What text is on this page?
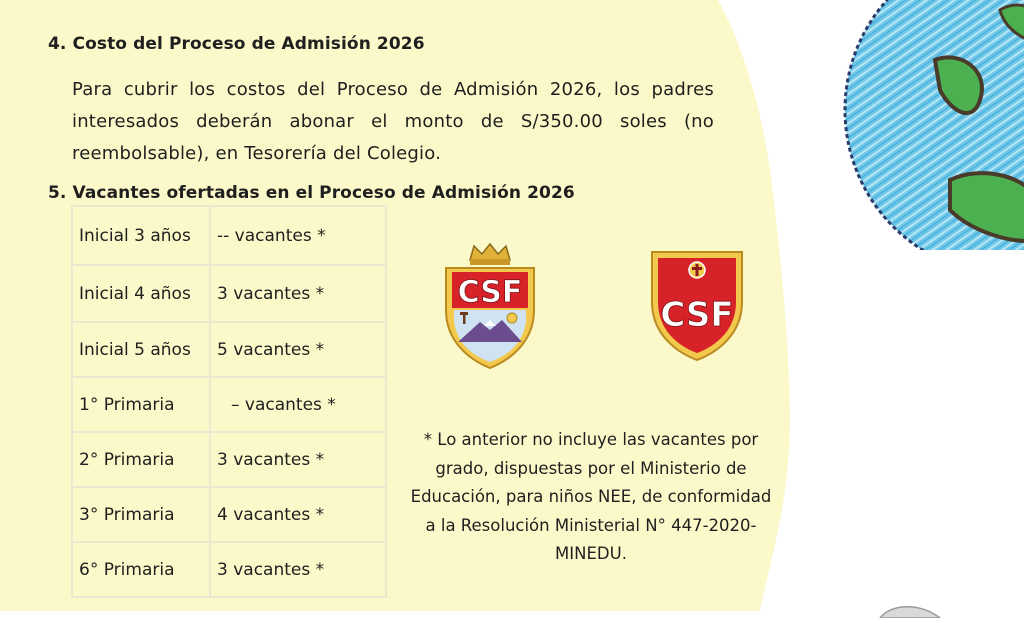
4. Costo del Proceso de Admisión 2026
Para cubrir los costos del Proceso de Admisión 2026, los padres interesados deberán abonar el monto de S/350.00 soles (no reembolsable), en Tesorería del Colegio.
5. Vacantes ofertadas en el Proceso de Admisión 2026
Inicial 3 años	-- vacantes *
Inicial 4 años	3 vacantes *
Inicial 5 años	5 vacantes *
1° Primaria	– vacantes *
2° Primaria	3 vacantes *
3° Primaria	4 vacantes *
6° Primaria	3 vacantes *
CSF
CSF
* Lo anterior no incluye las vacantes por grado, dispuestas por el Ministerio de Educación, para niños NEE, de conformidad a la Resolución Ministerial N° 447-2020-MINEDU.
